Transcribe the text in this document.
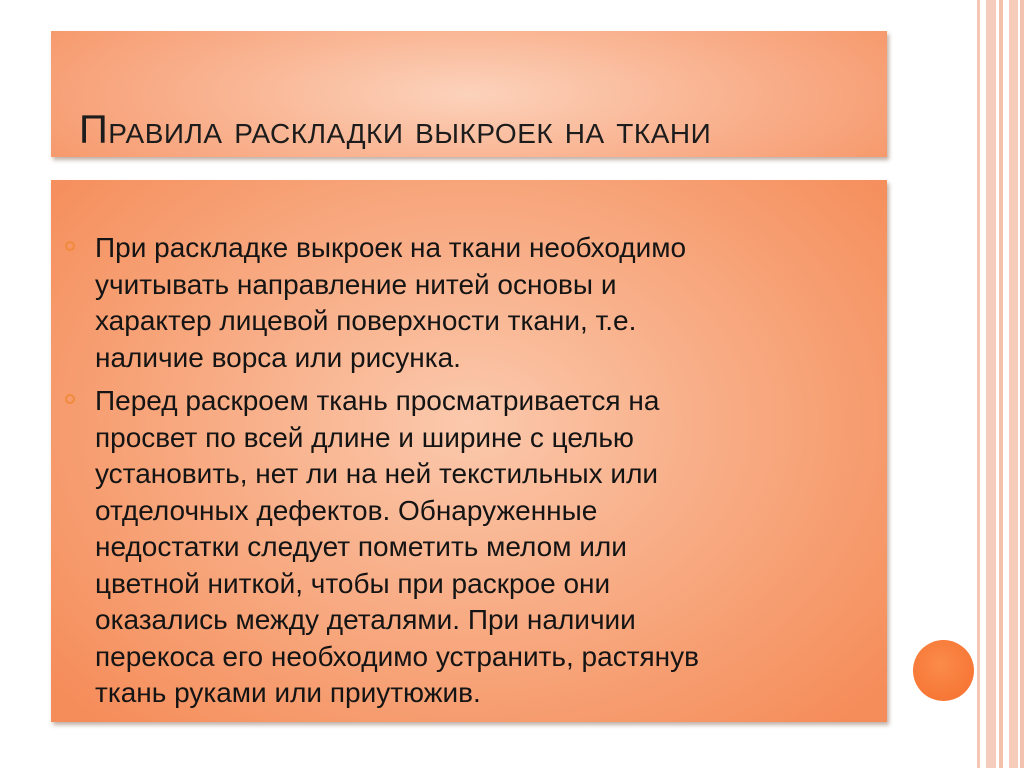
Правила раскладки выкроек на ткани
При раскладке выкроек на ткани необходимо
учитывать направление нитей основы и
характер лицевой поверхности ткани, т.е.
наличие ворса или рисунка.
Перед раскроем ткань просматривается на
просвет по всей длине и ширине с целью
установить, нет ли на ней текстильных или
отделочных дефектов. Обнаруженные
недостатки следует пометить мелом или
цветной ниткой, чтобы при раскрое они
оказались между деталями. При наличии
перекоса его необходимо устранить, растянув
ткань руками или приутюжив.
